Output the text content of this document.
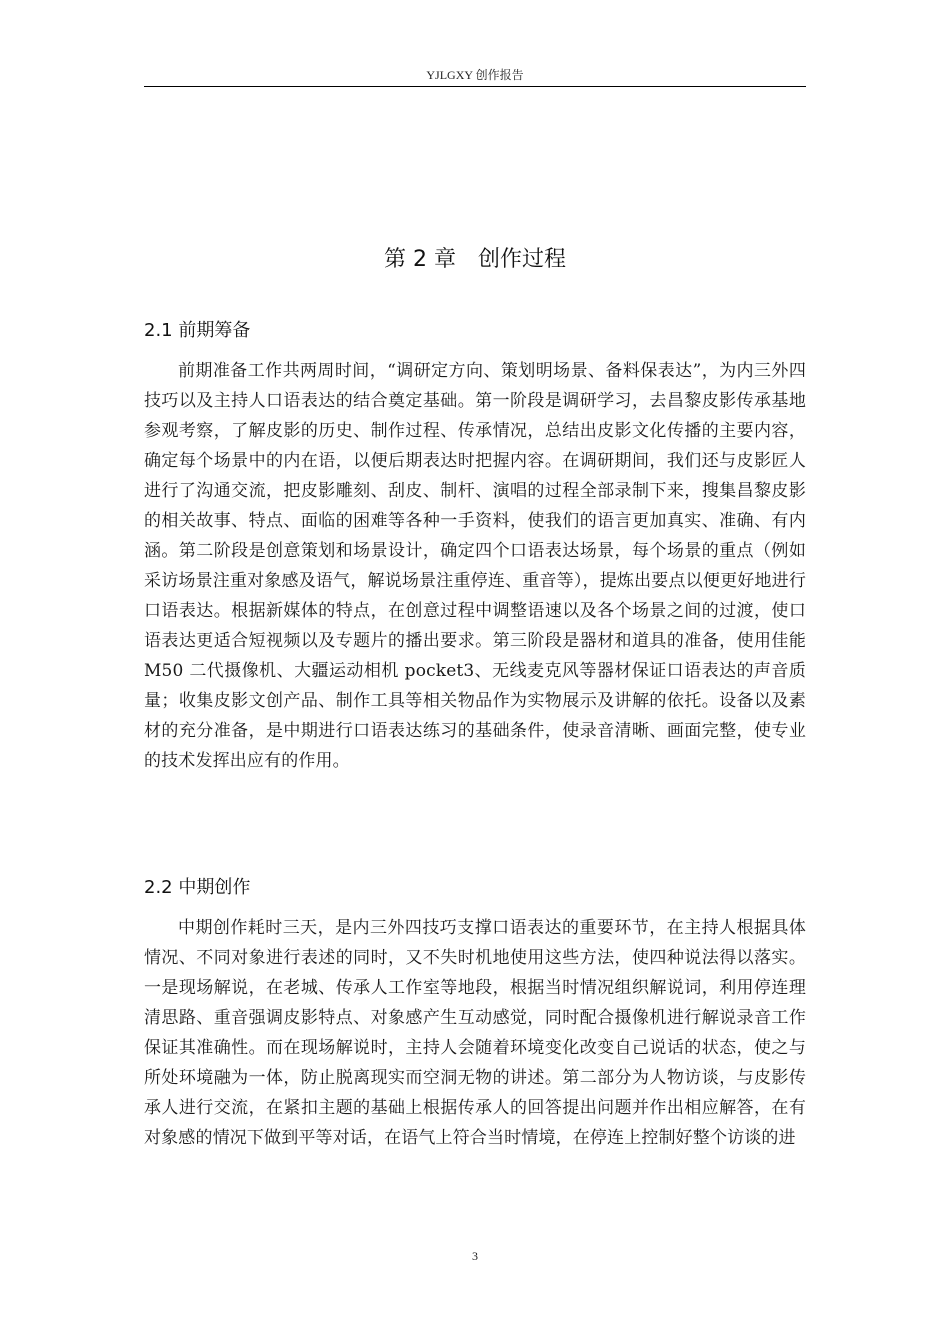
YJLGXY 创作报告
第 2 章　创作过程
2.1 前期筹备

前期准备工作共两周时间，“调研定方向、策划明场景、备料保表达”，为内三外四技巧以及主持人口语表达的结合奠定基础。第一阶段是调研学习，去昌黎皮影传承基地参观考察，了解皮影的历史、制作过程、传承情况，总结出皮影文化传播的主要内容，确定每个场景中的内在语，以便后期表达时把握内容。在调研期间，我们还与皮影匠人进行了沟通交流，把皮影雕刻、刮皮、制杆、演唱的过程全部录制下来，搜集昌黎皮影的相关故事、特点、面临的困难等各种一手资料，使我们的语言更加真实、准确、有内涵。第二阶段是创意策划和场景设计，确定四个口语表达场景，每个场景的重点（例如采访场景注重对象感及语气，解说场景注重停连、重音等），提炼出要点以便更好地进行口语表达。根据新媒体的特点，在创意过程中调整语速以及各个场景之间的过渡，使口语表达更适合短视频以及专题片的播出要求。第三阶段是器材和道具的准备，使用佳能 M50 二代摄像机、大疆运动相机 pocket3、无线麦克风等器材保证口语表达的声音质量；收集皮影文创产品、制作工具等相关物品作为实物展示及讲解的依托。设备以及素材的充分准备，是中期进行口语表达练习的基础条件，使录音清晰、画面完整，使专业的技术发挥出应有的作用。

2.2 中期创作

中期创作耗时三天，是内三外四技巧支撑口语表达的重要环节，在主持人根据具体情况、不同对象进行表述的同时，又不失时机地使用这些方法，使四种说法得以落实。一是现场解说，在老城、传承人工作室等地段，根据当时情况组织解说词，利用停连理清思路、重音强调皮影特点、对象感产生互动感觉，同时配合摄像机进行解说录音工作保证其准确性。而在现场解说时，主持人会随着环境变化改变自己说话的状态，使之与所处环境融为一体，防止脱离现实而空洞无物的讲述。第二部分为人物访谈，与皮影传承人进行交流，在紧扣主题的基础上根据传承人的回答提出问题并作出相应解答，在有对象感的情况下做到平等对话，在语气上符合当时情境，在停连上控制好整个访谈的进

3
